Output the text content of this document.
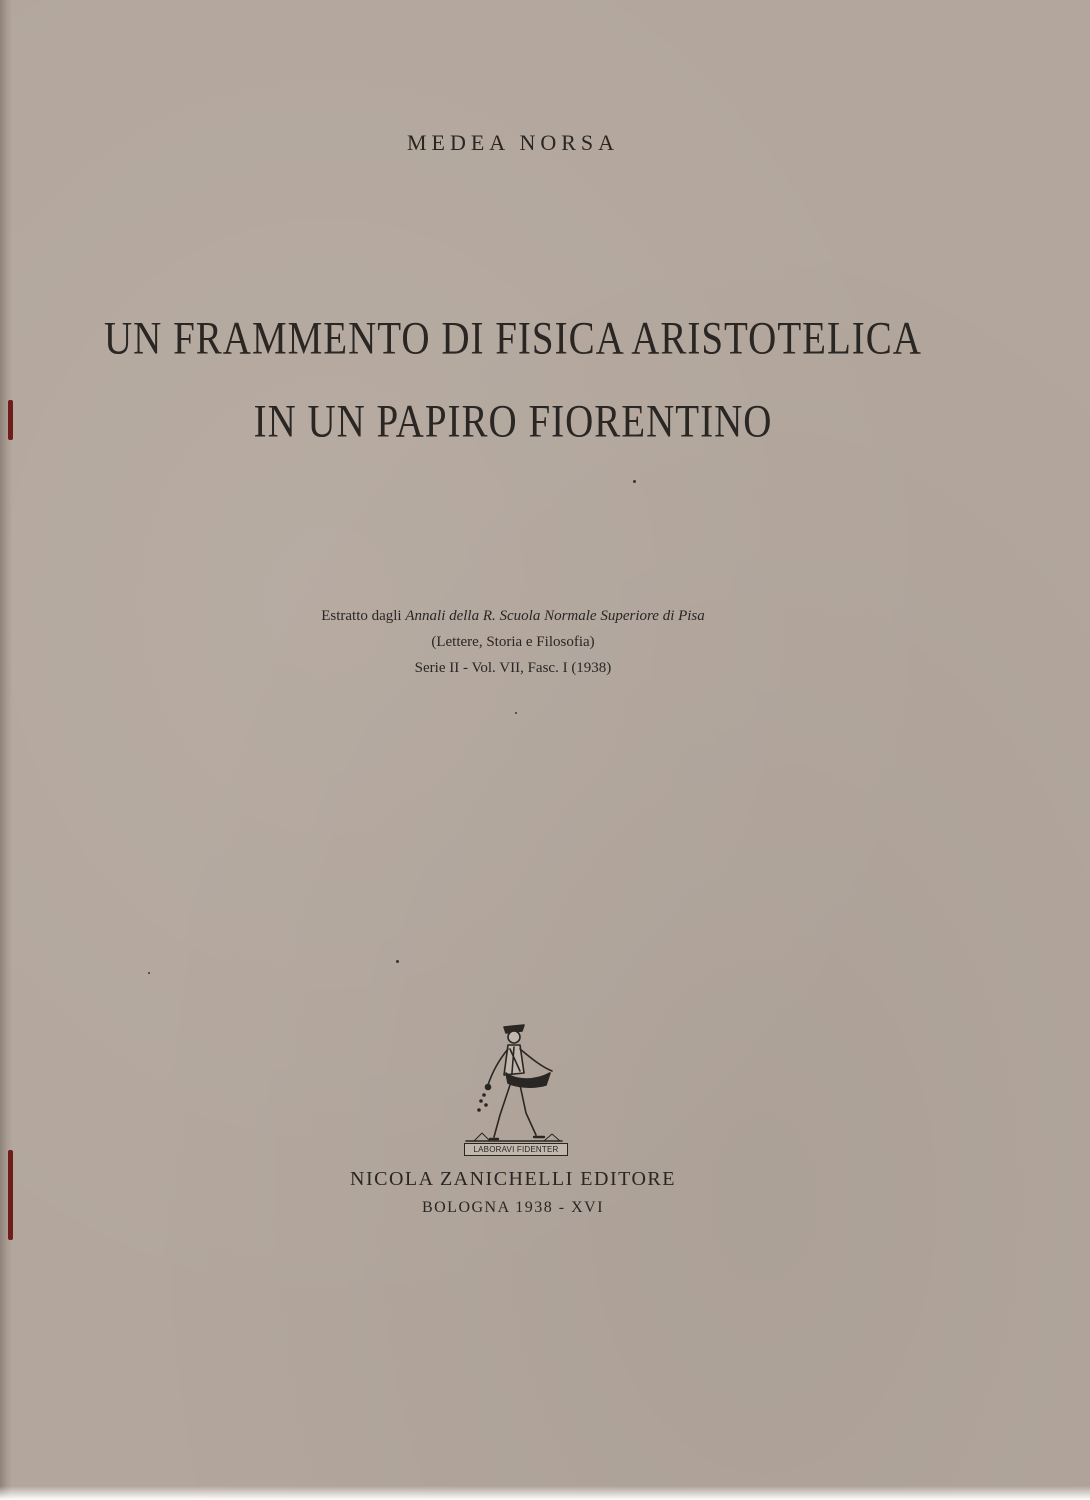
MEDEA NORSA
UN FRAMMENTO DI FISICA ARISTOTELICA
IN UN PAPIRO FIORENTINO
Estratto dagli Annali della R. Scuola Normale Superiore di Pisa
(Lettere, Storia e Filosofia)
Serie II - Vol. VII, Fasc. I (1938)
LABORAVI FIDENTER
NICOLA ZANICHELLI EDITORE
BOLOGNA 1938 - XVI
